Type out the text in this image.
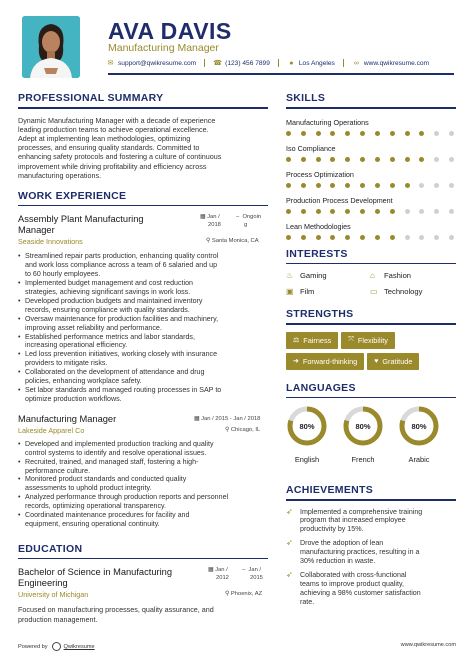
AVA DAVIS
Manufacturing Manager
✉ support@qwikresume.com ☎ (123) 456 7899	● Los Angeles	∞ www.qwikresume.com
PROFESSIONAL SUMMARY
Dynamic Manufacturing Manager with a decade of experience
leading production teams to achieve operational excellence.
Adept at implementing lean methodologies, optimizing
processes, and ensuring quality standards. Committed to
enhancing safety protocols and fostering a culture of continuous
improvement while driving profitability and efficiency across
manufacturing operations.
WORK EXPERIENCE
Assembly Plant Manufacturing
Manager
Seaside Innovations
▦ Jan /
2018
–  Ongoin
g
⚲ Santa Monica, CA
• Streamlined repair parts production, enhancing quality control
and work loss compliance across a team of 6 salaried and up
to 60 hourly employees.
• Implemented budget management and cost reduction
strategies, achieving significant savings in work loss.
• Developed production budgets and maintained inventory
records, ensuring compliance with quality standards.
• Oversaw maintenance for production facilities and machinery,
improving asset reliability and performance.
• Established performance metrics and labor standards,
increasing operational efficiency.
• Led loss prevention initiatives, working closely with insurance
providers to mitigate risks.
• Collaborated on the development of attendance and drug
policies, enhancing workplace safety.
• Set labor standards and managed routing processes in SAP to
optimize production workflows.
Manufacturing Manager
Lakeside Apparel Co
▦ Jan / 2015 - Jan / 2018
⚲ Chicago, IL
• Developed and implemented production tracking and quality
control systems to identify and resolve operational issues.
• Recruited, trained, and managed staff, fostering a high-
performance culture.
• Monitored product standards and conducted quality
assessments to uphold product integrity.
• Analyzed performance through production reports and personnel
records, optimizing operational transparency.
• Coordinated maintenance procedures for facility and
equipment, ensuring operational continuity.
EDUCATION
Bachelor of Science in Manufacturing
Engineering
University of Michigan
▦ Jan /
2012
–  Jan /
2015
⚲ Phoenix, AZ
Focused on manufacturing processes, quality assurance, and
production management.
SKILLS
Manufacturing Operations
Iso Compliance
Process Optimization
Production Process Development
Lean Methodologies
INTERESTS
♨ Gaming	⌂	Fashion
▣ Film	▭ Technology
STRENGTHS
⚖ Fairness ⤧ Flexibility
➜ Forward-thinking ♥ Gratitude
LANGUAGES
80%
English
80%
French
80%
Arabic
ACHIEVEMENTS
➶	Implemented a comprehensive training
program that increased employee
productivity by 15%.
➶	Drove the adoption of lean
manufacturing practices, resulting in a
30% reduction in waste.
➶	Collaborated with cross-functional
teams to improve product quality,
achieving a 98% customer satisfaction
rate.
Powered by	Qwikresume	www.qwikresume.com
